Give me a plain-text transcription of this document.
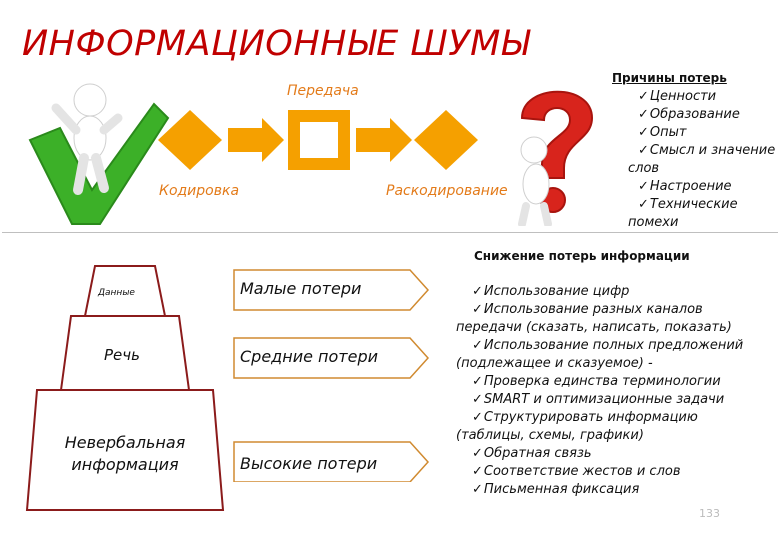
ИНФОРМАЦИОННЫЕ ШУМЫ
Передача
Кодировка	Раскодирование
Причины потерь
✓Ценности
✓Образование
✓Опыт
✓Смысл и значение слов
✓Настроение
✓Технические помехи
Данные
Речь
Невербальная
информация
Малые потери
Средние потери
Высокие потери
Снижение потерь информации
✓Использование цифр
✓Использование разных каналов передачи (сказать, написать, показать)
✓Использование полных предложений (подлежащее и сказуемое) -
✓Проверка единства терминологии
✓SMART и оптимизационные задачи
✓Структурировать информацию (таблицы, схемы, графики)
✓Обратная связь
✓Соответствие жестов и слов
✓Письменная фиксация
133
